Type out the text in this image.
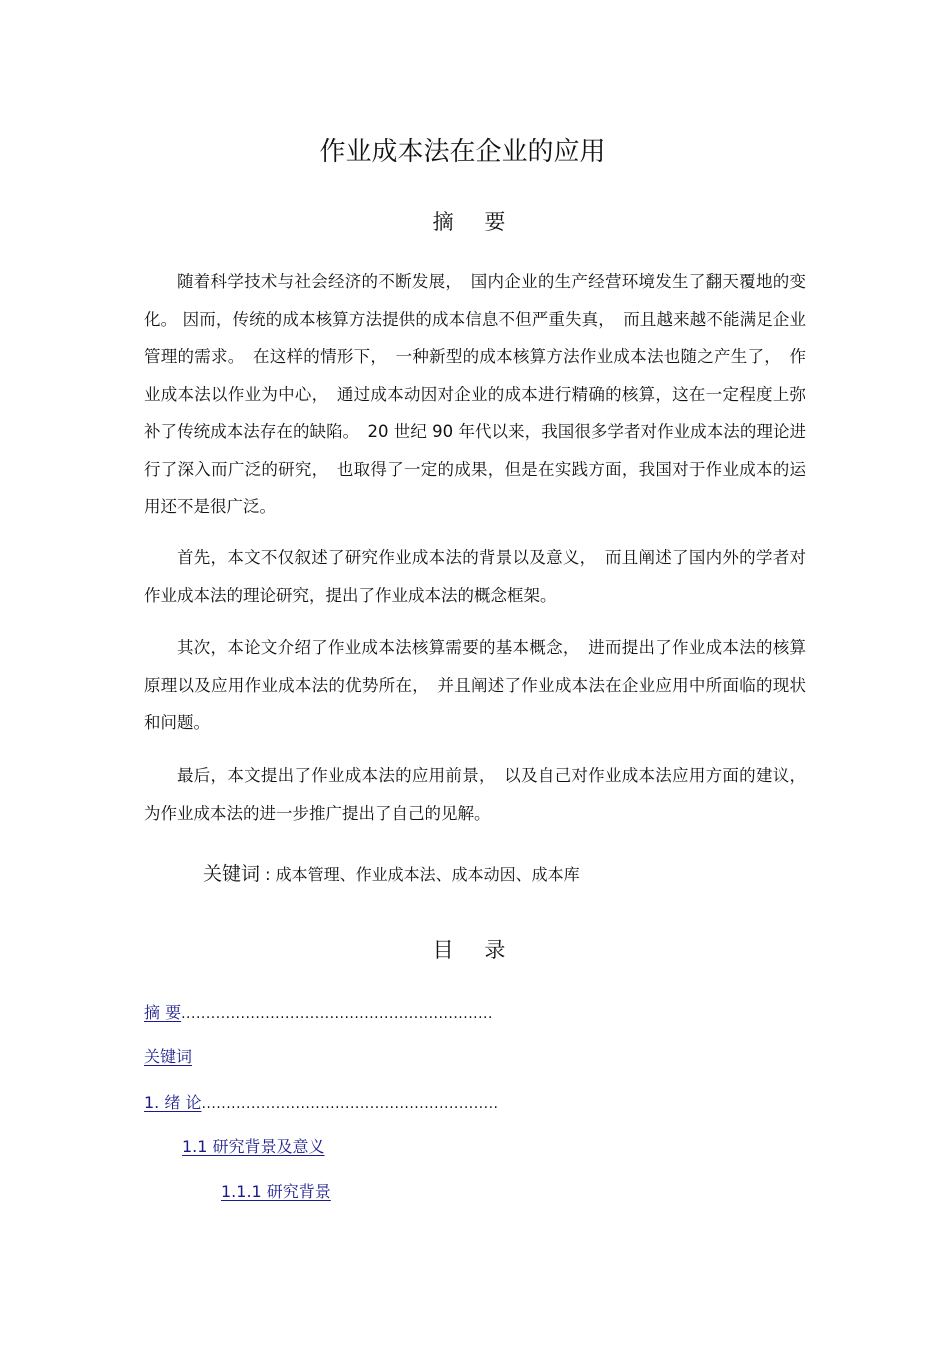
作业成本法在企业的应用
摘 要

随着科学技术与社会经济的不断发展，　国内企业的生产经营环境发生了翻天覆地的变化。 因而，传统的成本核算方法提供的成本信息不但严重失真，　而且越来越不能满足企业管理的需求。　在这样的情形下，　一种新型的成本核算方法作业成本法也随之产生了，　作业成本法以作业为中心，　通过成本动因对企业的成本进行精确的核算，这在一定程度上弥补了传统成本法存在的缺陷。　20 世纪 90 年代以来，我国很多学者对作业成本法的理论进行了深入而广泛的研究，　也取得了一定的成果，但是在实践方面，我国对于作业成本的运用还不是很广泛。

首先，本文不仅叙述了研究作业成本法的背景以及意义，　而且阐述了国内外的学者对作业成本法的理论研究，提出了作业成本法的概念框架。

其次，本论文介绍了作业成本法核算需要的基本概念，　进而提出了作业成本法的核算原理以及应用作业成本法的优势所在，　并且阐述了作业成本法在企业应用中所面临的现状和问题。

最后，本文提出了作业成本法的应用前景，　以及自己对作业成本法应用方面的建议，为作业成本法的进一步推广提出了自己的见解。

关键词 : 成本管理、作业成本法、成本动因、成本库
目 录
摘 要...............................................................
关键词
1. 绪 论............................................................
1.1 研究背景及意义
1.1.1 研究背景
